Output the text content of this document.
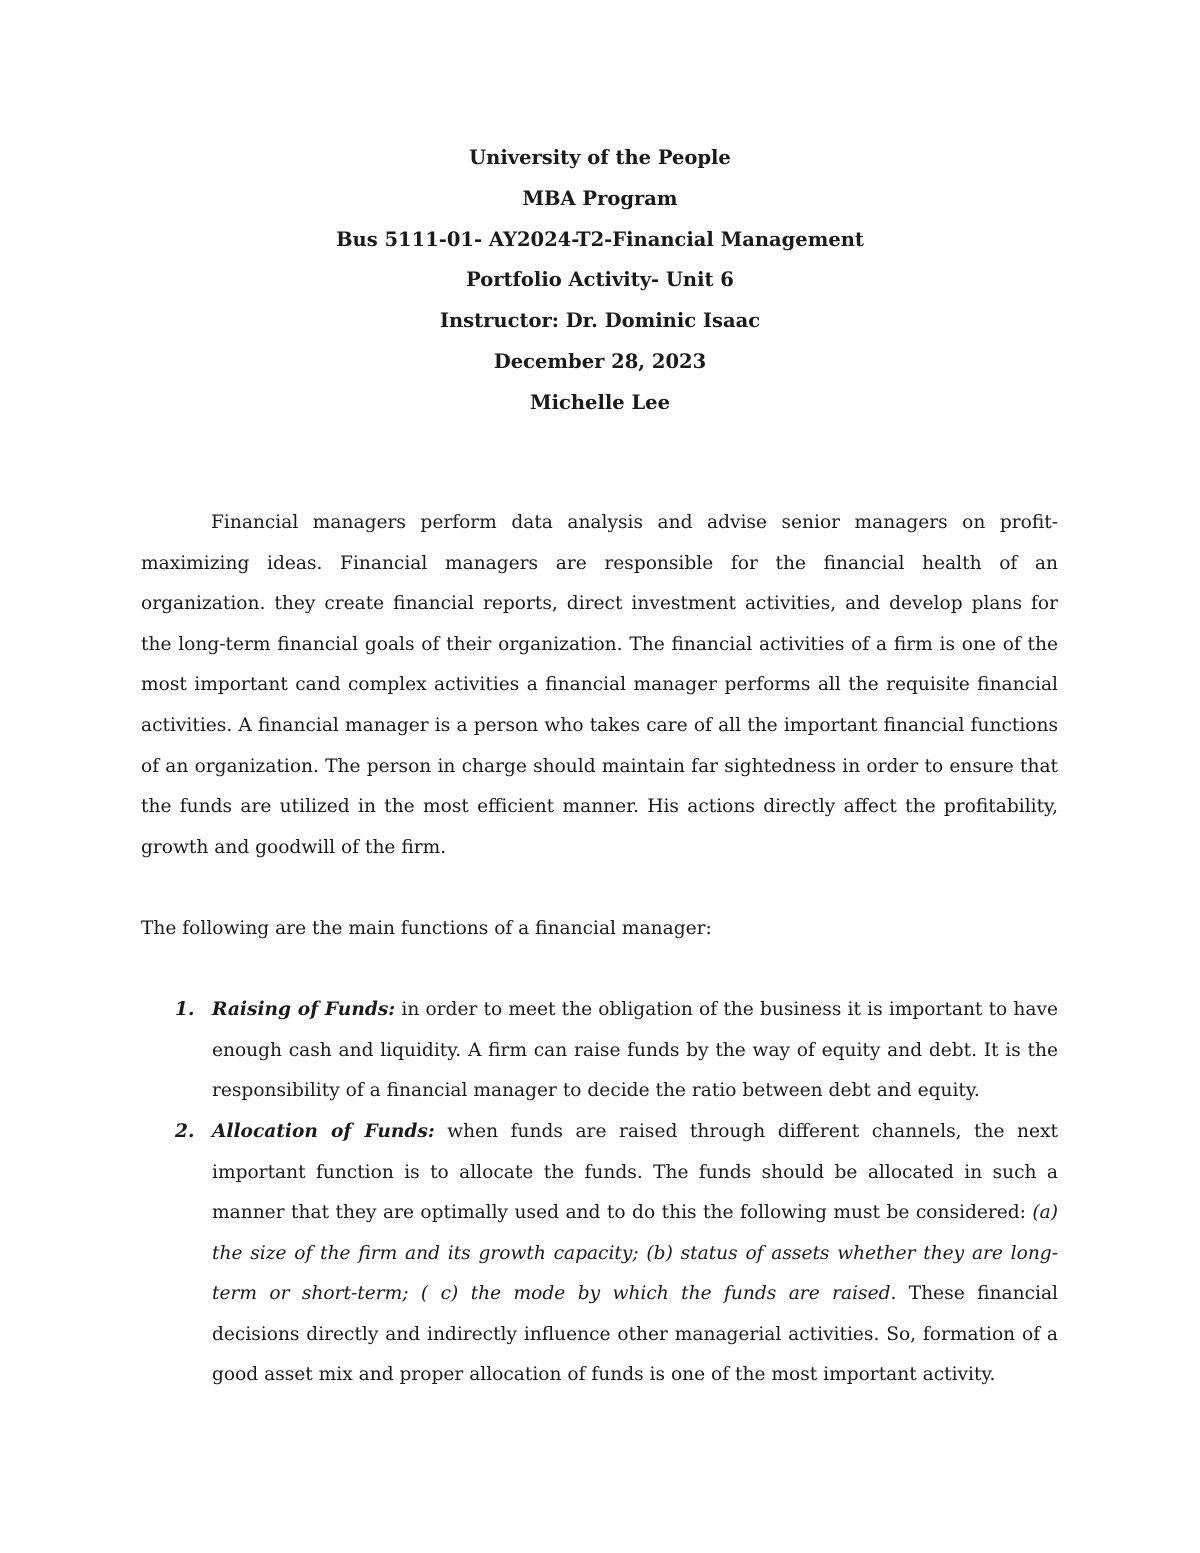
University of the People
MBA Program
Bus 5111-01- AY2024-T2-Financial Management
Portfolio Activity- Unit 6
Instructor: Dr. Dominic Isaac
December 28, 2023
Michelle Lee

Financial managers perform data analysis and advise senior managers on profit-maximizing ideas. Financial managers are responsible for the financial health of an organization. they create financial reports, direct investment activities, and develop plans for the long-term financial goals of their organization. The financial activities of a firm is one of the most important cand complex activities a financial manager performs all the requisite financial activities. A financial manager is a person who takes care of all the important financial functions of an organization. The person in charge should maintain far sightedness in order to ensure that the funds are utilized in the most efficient manner. His actions directly affect the profitability, growth and goodwill of the firm.

The following are the main functions of a financial manager:

1. Raising of Funds: in order to meet the obligation of the business it is important to have enough cash and liquidity. A firm can raise funds by the way of equity and debt. It is the responsibility of a financial manager to decide the ratio between debt and equity.
2. Allocation of Funds: when funds are raised through different channels, the next important function is to allocate the funds. The funds should be allocated in such a manner that they are optimally used and to do this the following must be considered: (a) the size of the firm and its growth capacity; (b) status of assets whether they are long-term or short-term; ( c) the mode by which the funds are raised. These financial decisions directly and indirectly influence other managerial activities. So, formation of a good asset mix and proper allocation of funds is one of the most important activity.
